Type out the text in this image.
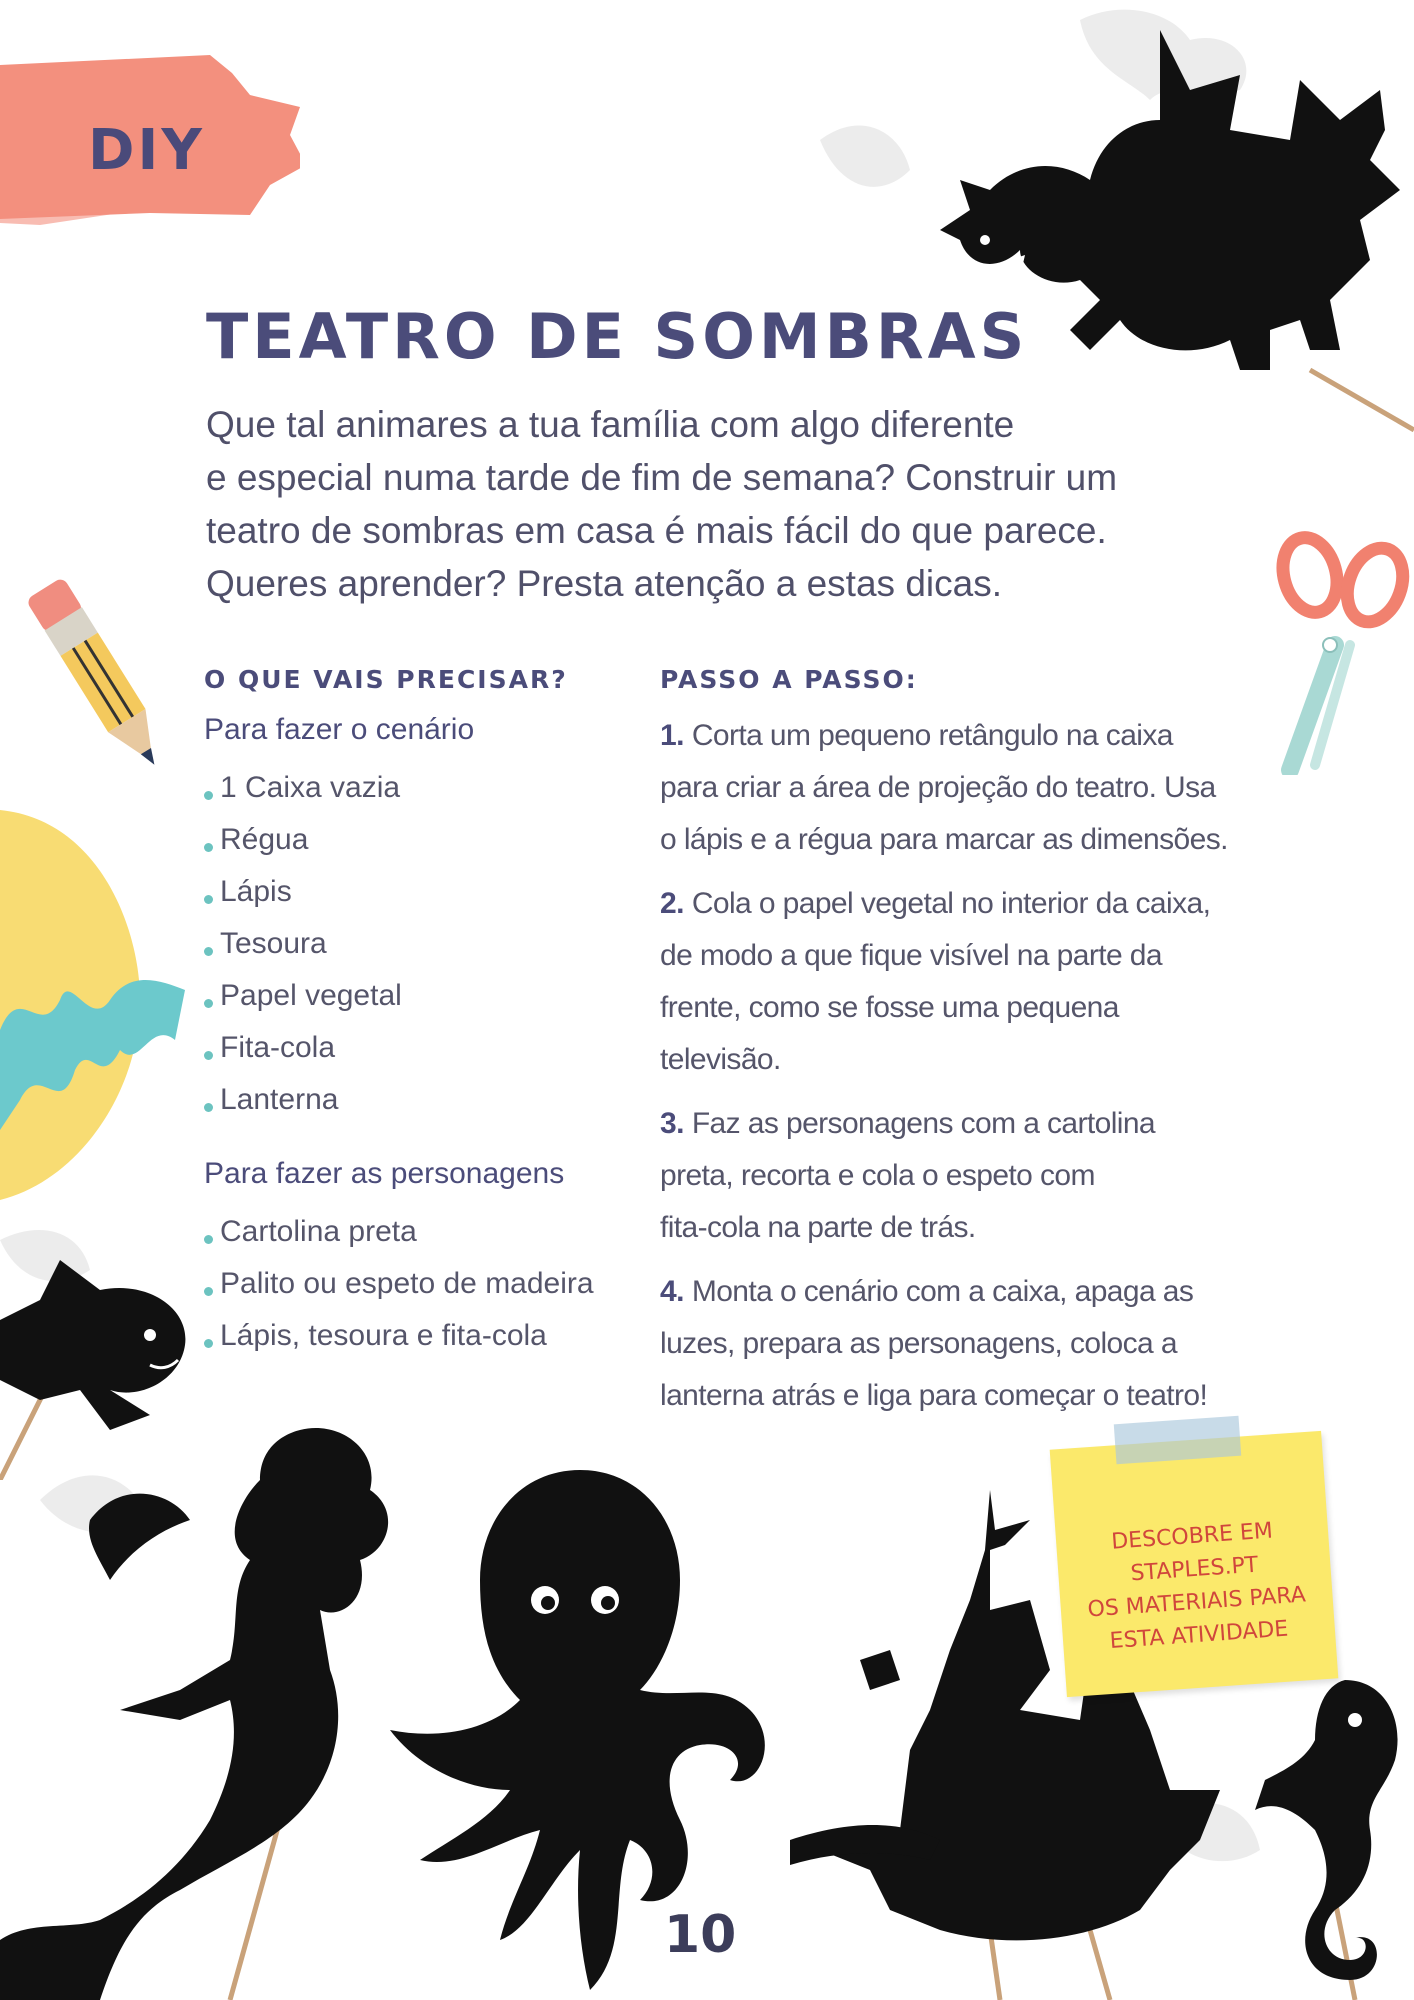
DIY
TEATRO DE SOMBRAS
Que tal animares a tua família com algo diferente
e especial numa tarde de fim de semana? Construir um
teatro de sombras em casa é mais fácil do que parece.
Queres aprender? Presta atenção a estas dicas.
O QUE VAIS PRECISAR?
Para fazer o cenário
1 Caixa vazia
Régua
Lápis
Tesoura
Papel vegetal
Fita-cola
Lanterna
Para fazer as personagens
Cartolina preta
Palito ou espeto de madeira
Lápis, tesoura e fita-cola
PASSO A PASSO:
1. Corta um pequeno retângulo na caixa
para criar a área de projeção do teatro. Usa
o lápis e a régua para marcar as dimensões.
2. Cola o papel vegetal no interior da caixa,
de modo a que fique visível na parte da
frente, como se fosse uma pequena
televisão.
3. Faz as personagens com a cartolina
preta, recorta e cola o espeto com
fita-cola na parte de trás.
4. Monta o cenário com a caixa, apaga as
luzes, prepara as personagens, coloca a
lanterna atrás e liga para começar o teatro!
DESCOBRE EM
STAPLES.PT
OS MATERIAIS PARA
ESTA ATIVIDADE
10
